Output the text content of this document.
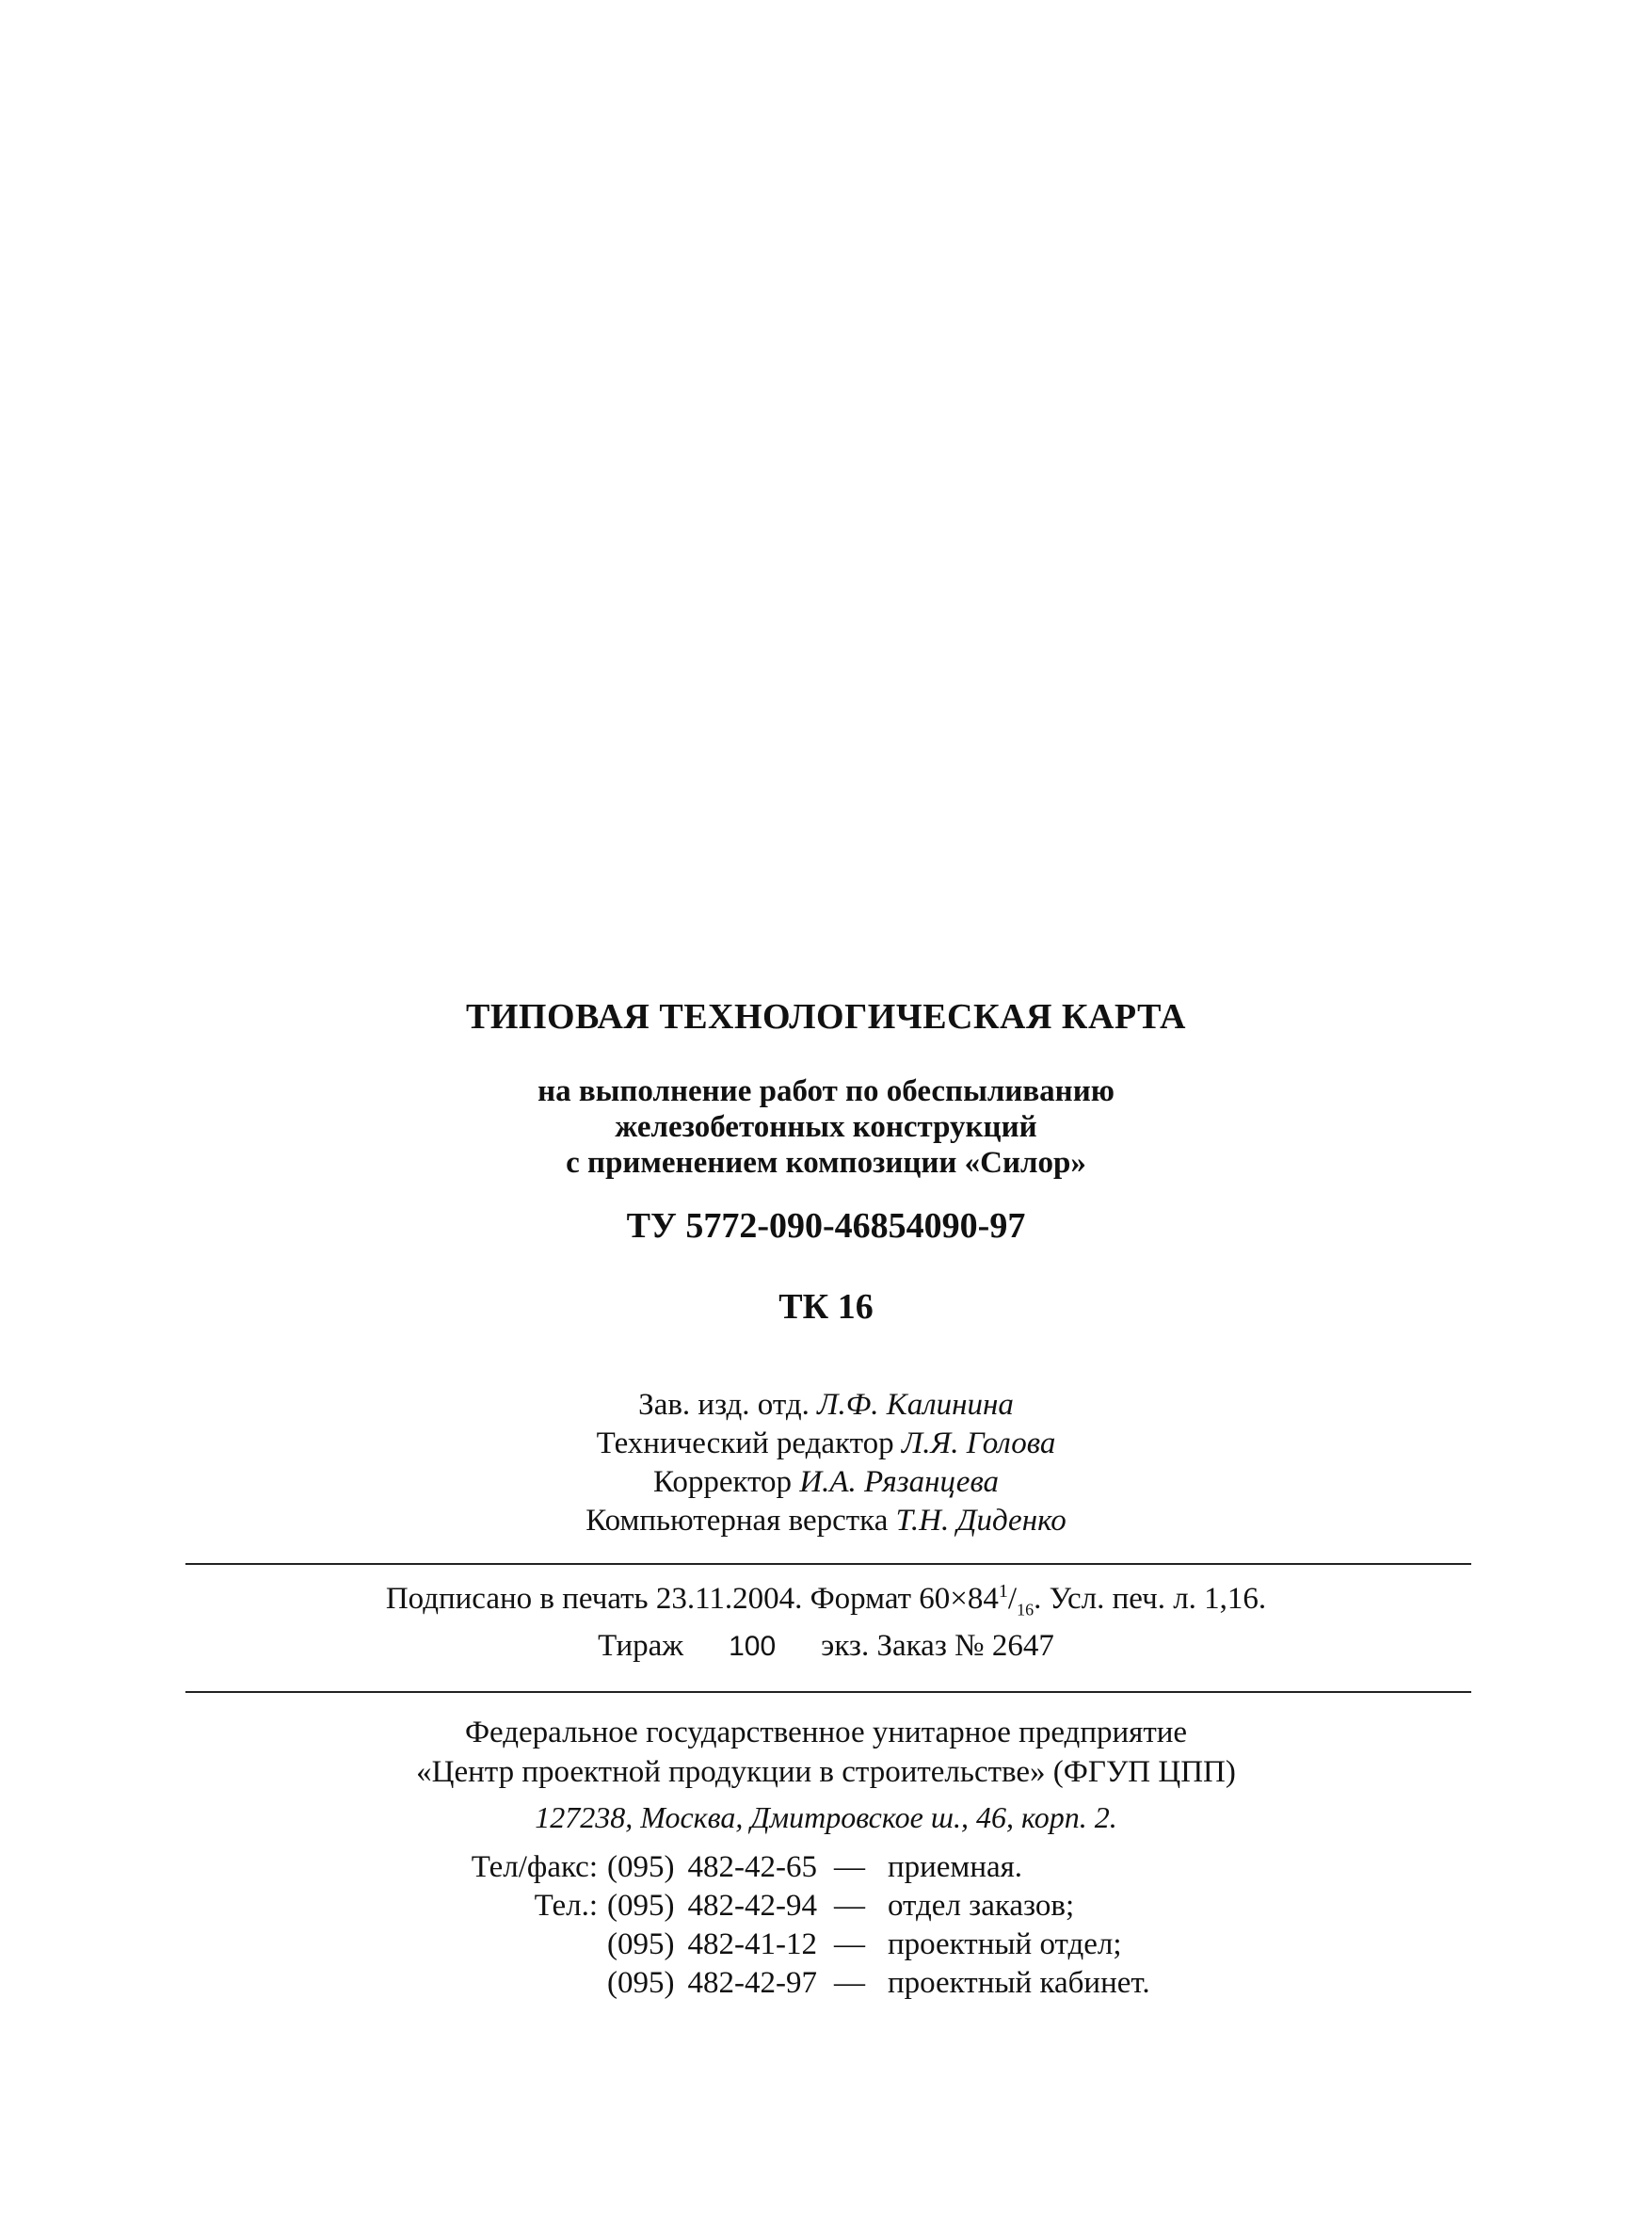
ТИПОВАЯ ТЕХНОЛОГИЧЕСКАЯ КАРТА
на выполнение работ по обеспыливанию
железобетонных конструкций
с применением композиции «Силор»
ТУ 5772-090-46854090-97
ТК 16
Зав. изд. отд. Л.Ф. Калинина
Технический редактор Л.Я. Голова
Корректор И.А. Рязанцева
Компьютерная верстка Т.Н. Диденко
Подписано в печать 23.11.2004. Формат $60\times 84^1/_{16}$. Усл. печ. л. 1,16.
Тираж 100 экз. Заказ № 2647
Федеральное государственное унитарное предприятие
«Центр проектной продукции в строительстве» (ФГУП ЦПП)
127238, Москва, Дмитровское ш., 46, корп. 2.
Тел/факс:	(095)	482-42-65	—	приемная.
Тел.:	(095)	482-42-94	—	отдел заказов;
	(095)	482-41-12	—	проектный отдел;
	(095)	482-42-97	—	проектный кабинет.
